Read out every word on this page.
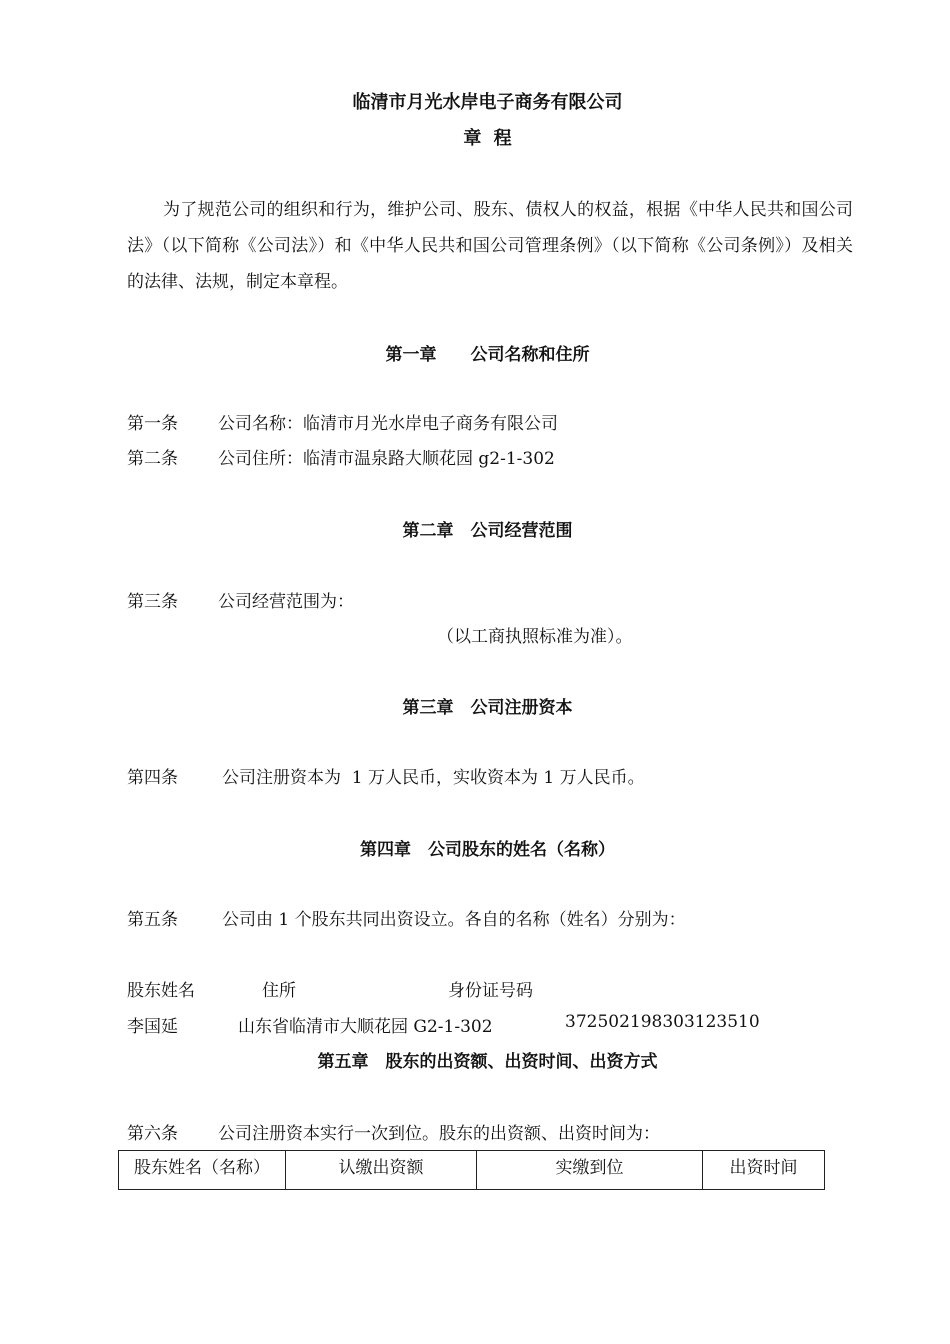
临清市月光水岸电子商务有限公司
章 程
为了规范公司的组织和行为，维护公司、股东、债权人的权益，根据《中华人民共和国公司法》（以下简称《公司法》）和《中华人民共和国公司管理条例》（以下简称《公司条例》）及相关的法律、法规，制定本章程。
第一章　　公司名称和住所
第一条 公司名称：临清市月光水岸电子商务有限公司
第二条 公司住所：临清市温泉路大顺花园 g2-1-302
第二章　公司经营范围
第三条 公司经营范围为：
（以工商执照标准为准）。
第三章　公司注册资本
第四条	公司注册资本为  1 万人民币，实收资本为 1 万人民币。
第四章　公司股东的姓名（名称）
第五条	公司由 1 个股东共同出资设立。各自的名称（姓名）分别为：
股东姓名	住所	身份证号码
李国延	山东省临清市大顺花园 G2-1-302	372502198303123510
第五章　股东的出资额、出资时间、出资方式
第六条 公司注册资本实行一次到位。股东的出资额、出资时间为：
股东姓名（名称）	认缴出资额	实缴到位	出资时间
